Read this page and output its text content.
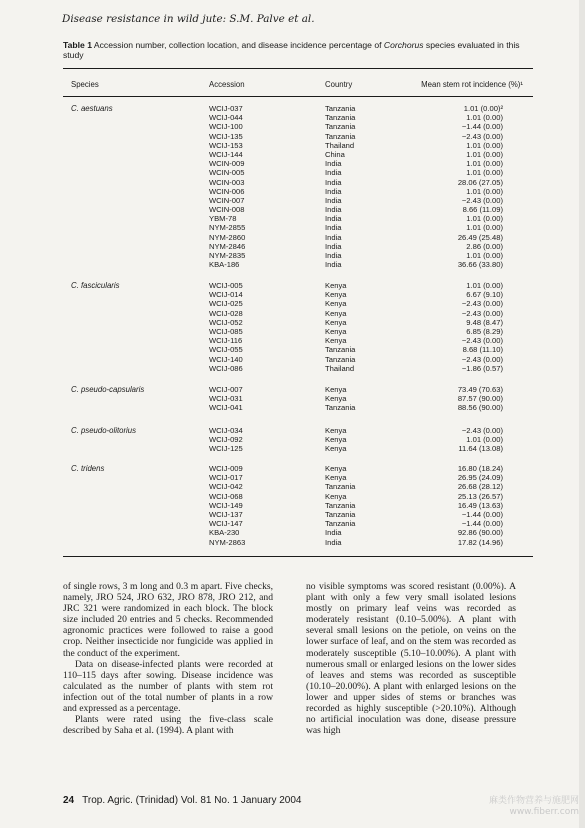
Disease resistance in wild jute: S.M. Palve et al.
Table 1 Accession number, collection location, and disease incidence percentage of Corchorus species evaluated in this study
Species	Accession	Country	Mean stem rot incidence (%)¹
C. aestuans	WCIJ-037	Tanzania	1.01 (0.00)²
WCIJ-044	Tanzania	1.01 (0.00)
WCIJ-100	Tanzania	−1.44 (0.00)
WCIJ-135	Tanzania	−2.43 (0.00)
WCIJ-153	Thailand	1.01 (0.00)
WCIJ-144	China	1.01 (0.00)
WCIN-009	India	1.01 (0.00)
WCIN-005	India	1.01 (0.00)
WCIN-003	India	28.06 (27.05)
WCIN-006	India	1.01 (0.00)
WCIN-007	India	−2.43 (0.00)
WCIN-008	India	8.66 (11.09)
YBM-78	India	1.01 (0.00)
NYM-2855	India	1.01 (0.00)
NYM-2860	India	26.49 (25.48)
NYM-2846	India	2.86 (0.00)
NYM-2835	India	1.01 (0.00)
KBA-186	India	36.66 (33.80)
C. fascicularis	WCIJ-005	Kenya	1.01 (0.00)
WCIJ-014	Kenya	6.67 (9.10)
WCIJ-025	Kenya	−2.43 (0.00)
WCIJ-028	Kenya	−2.43 (0.00)
WCIJ-052	Kenya	9.48 (8.47)
WCIJ-085	Kenya	6.85 (8.29)
WCIJ-116	Kenya	−2.43 (0.00)
WCIJ-055	Tanzania	8.68 (11.10)
WCIJ-140	Tanzania	−2.43 (0.00)
WCIJ-086	Thailand	−1.86 (0.57)
C. pseudo-capsularis	WCIJ-007	Kenya	73.49 (70.63)
WCIJ-031	Kenya	87.57 (90.00)
WCIJ-041	Tanzania	88.56 (90.00)
C. pseudo-olitorius	WCIJ-034	Kenya	−2.43 (0.00)
WCIJ-092	Kenya	1.01 (0.00)
WCIJ-125	Kenya	11.64 (13.08)
C. tridens	WCIJ-009	Kenya	16.80 (18.24)
WCIJ-017	Kenya	26.95 (24.09)
WCIJ-042	Tanzania	26.68 (28.12)
WCIJ-068	Kenya	25.13 (26.57)
WCIJ-149	Tanzania	16.49 (13.63)
WCIJ-137	Tanzania	−1.44 (0.00)
WCIJ-147	Tanzania	−1.44 (0.00)
KBA-230	India	92.86 (90.00)
NYM-2863	India	17.82 (14.96)

of single rows, 3 m long and 0.3 m apart. Five checks, namely, JRO 524, JRO 632, JRO 878, JRO 212, and JRC 321 were randomized in each block. The block size included 20 entries and 5 checks. Recommended agronomic practices were followed to raise a good crop. Neither insecticide nor fungicide was applied in the conduct of the experiment.

Data on disease-infected plants were recorded at 110–115 days after sowing. Disease incidence was calculated as the number of plants with stem rot infection out of the total number of plants in a row and expressed as a percentage.

Plants were rated using the five-class scale described by Saha et al. (1994). A plant with

no visible symptoms was scored resistant (0.00%). A plant with only a few very small isolated lesions mostly on primary leaf veins was recorded as moderately resistant (0.10–5.00%). A plant with several small lesions on the petiole, on veins on the lower surface of leaf, and on the stem was recorded as moderately susceptible (5.10–10.00%). A plant with numerous small or enlarged lesions on the lower sides of leaves and stems was recorded as susceptible (10.10–20.00%). A plant with enlarged lesions on the lower and upper sides of stems or branches was recorded as highly susceptible (>20.10%). Although no artificial inoculation was done, disease pressure was high

24 Trop. Agric. (Trinidad) Vol. 81 No. 1 January 2004	麻类作物营养与施肥网
www.fiberr.com
